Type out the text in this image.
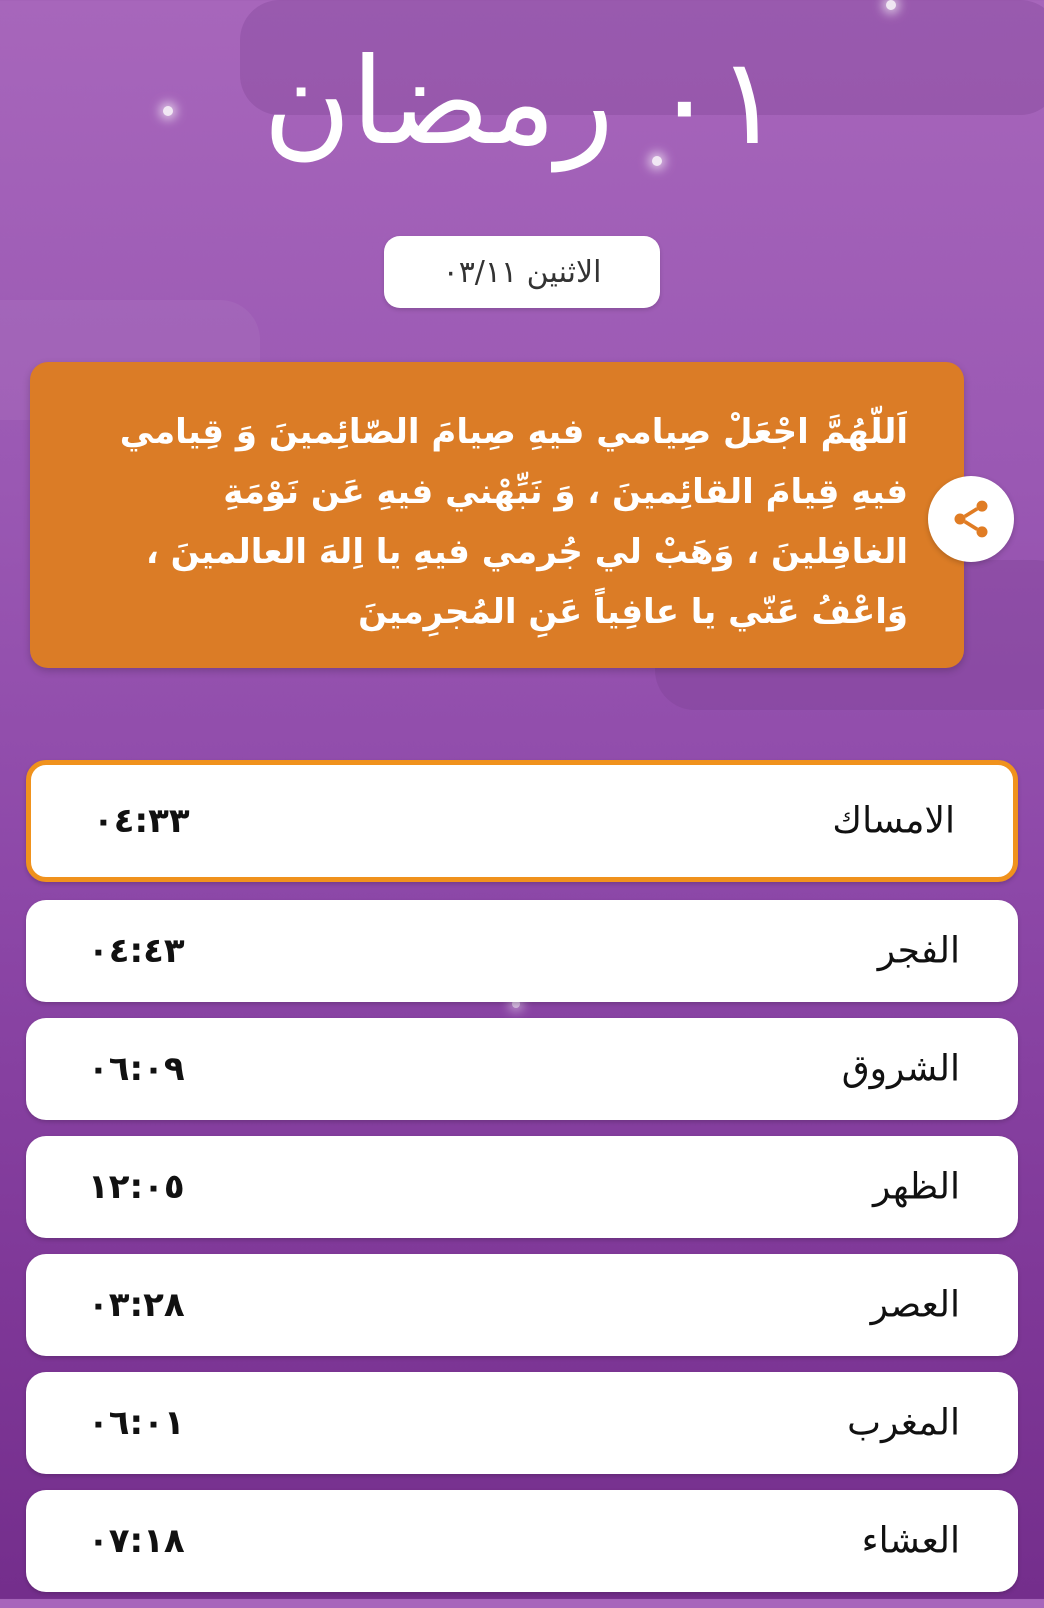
٠١ رمضان
الاثنين ٠٣/١١
اَللّهُمَّ اجْعَلْ صِيامي فيهِ صِيامَ الصّائِمينَ وَ قِيامي فيهِ قِيامَ القائِمينَ ، وَ نَبِّهْني فيهِ عَن نَوْمَةِ الغافِلينَ ، وَهَبْ لي جُرمي فيهِ يا اِلهَ العالمينَ ، وَاعْفُ عَنّي يا عافِياً عَنِ المُجرِمينَ
الامساك
٠٤:٣٣
الفجر
٠٤:٤٣
الشروق
٠٦:٠٩
الظهر
١٢:٠٥
العصر
٠٣:٢٨
المغرب
٠٦:٠١
العشاء
٠٧:١٨
